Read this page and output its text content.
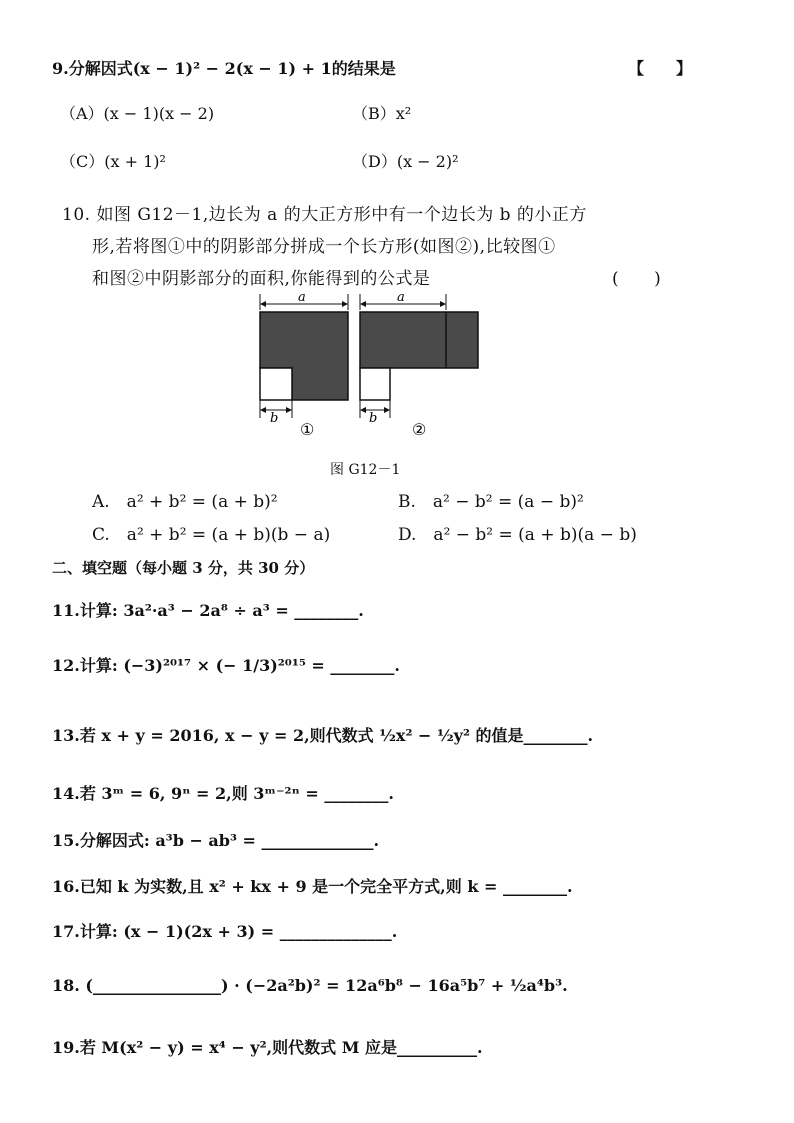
9.分解因式(x − 1)² − 2(x − 1) + 1的结果是	【　　】
（A）(x − 1)(x − 2)	（B）x²
（C）(x + 1)²	（D）(x − 2)²
10. 如图 G12－1,边长为 a 的大正方形中有一个边长为 b 的小正方
形,若将图①中的阴影部分拼成一个长方形(如图②),比较图①
和图②中阴影部分的面积,你能得到的公式是	(　　)
a
b
①
a
b
②
图 G12－1
A.　a² + b² = (a + b)²	B.　a² − b² = (a − b)²
C.　a² + b² = (a + b)(b − a)	D.　a² − b² = (a + b)(a − b)
二、填空题（每小题 3 分，共 30 分）
11.计算: 3a²·a³ − 2a⁸ ÷ a³ = ________.
12.计算: (−3)²⁰¹⁷ × (− 1/3)²⁰¹⁵ = ________.
13.若 x + y = 2016, x − y = 2,则代数式 ½x² − ½y² 的值是________.
14.若 3ᵐ = 6, 9ⁿ = 2,则 3ᵐ⁻²ⁿ = ________.
15.分解因式: a³b − ab³ = ______________.
16.已知 k 为实数,且 x² + kx + 9 是一个完全平方式,则 k = ________.
17.计算: (x − 1)(2x + 3) = ______________.
18. (________________) · (−2a²b)² = 12a⁶b⁸ − 16a⁵b⁷ + ½a⁴b³.
19.若 M(x² − y) = x⁴ − y²,则代数式 M 应是__________.
